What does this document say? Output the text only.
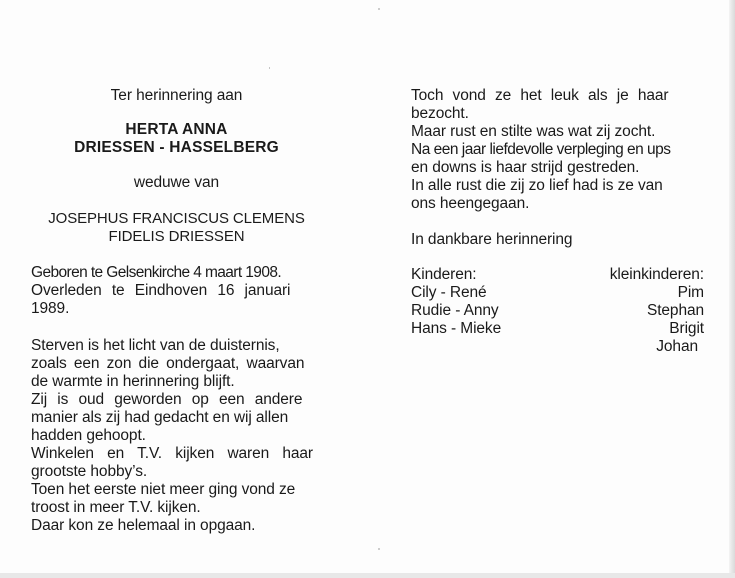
Ter herinnering aan
HERTA ANNA
DRIESSEN - HASSELBERG
weduwe van
JOSEPHUS FRANCISCUS CLEMENS
FIDELIS DRIESSEN
Geboren te Gelsenkirche 4 maart 1908.
Overleden te Eindhoven 16 januari
1989.
Sterven is het licht van de duisternis,
zoals een zon die ondergaat, waarvan
de warmte in herinnering blijft.
Zij is oud geworden op een andere
manier als zij had gedacht en wij allen
hadden gehoopt.
Winkelen en T.V. kijken waren haar
grootste hobby’s.
Toen het eerste niet meer ging vond ze
troost in meer T.V. kijken.
Daar kon ze helemaal in opgaan.
Toch vond ze het leuk als je haar
bezocht.
Maar rust en stilte was wat zij zocht.
Na een jaar liefdevolle verpleging en ups
en downs is haar strijd gestreden.
In alle rust die zij zo lief had is ze van
ons heengegaan.
In dankbare herinnering
Kinderen:
Cily - René
Rudie - Anny
Hans - Mieke
kleinkinderen:
Pim
Stephan
Brigit
Johan
